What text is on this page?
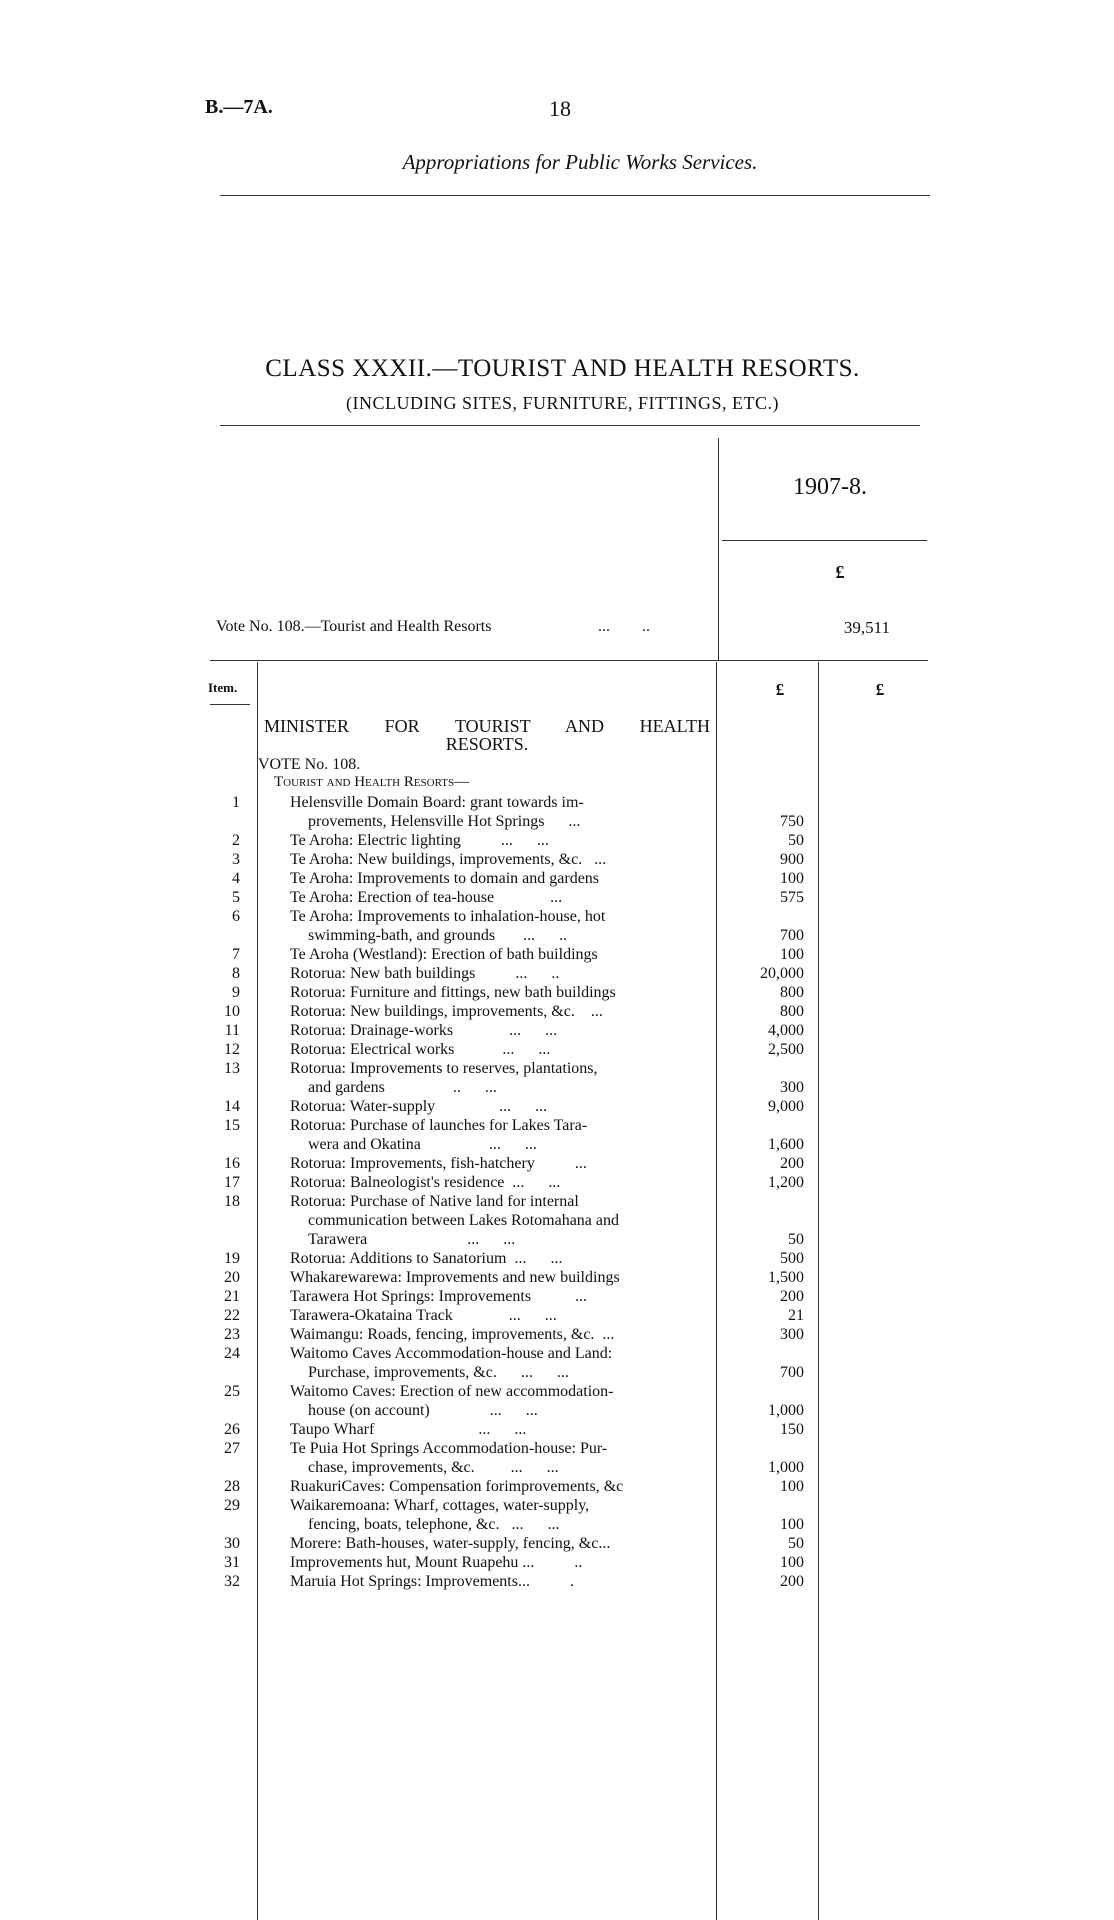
B.—7A.	18
Appropriations for Public Works Services.
CLASS XXXII.—TOURIST AND HEALTH RESORTS.
(INCLUDING SITES, FURNITURE, FITTINGS, ETC.)
1907-8.
£
Vote No. 108.—Tourist and Health Resorts	...        ..	39,511
Item.	£	£
MINISTER FOR TOURIST AND HEALTH
RESORTS.
VOTE No. 108.
Tourist and Health Resorts—
1	Helensville Domain Board: grant towards im-
provements, Helensville Hot Springs      ...	750
2	Te Aroha: Electric lighting          ...      ...	50
3	Te Aroha: New buildings, improvements, &c.   ...	900
4	Te Aroha: Improvements to domain and gardens	100
5	Te Aroha: Erection of tea-house              ...	575
6	Te Aroha: Improvements to inhalation-house, hot
swimming-bath, and grounds       ...      ..	700
7	Te Aroha (Westland): Erection of bath buildings	100
8	Rotorua: New bath buildings          ...      ..	20,000
9	Rotorua: Furniture and fittings, new bath buildings	800
10	Rotorua: New buildings, improvements, &c.    ...	800
11	Rotorua: Drainage-works              ...      ...	4,000
12	Rotorua: Electrical works            ...      ...	2,500
13	Rotorua: Improvements to reserves, plantations,
and gardens                 ..      ...	300
14	Rotorua: Water-supply                ...      ...	9,000
15	Rotorua: Purchase of launches for Lakes Tara-
wera and Okatina                 ...      ...	1,600
16	Rotorua: Improvements, fish-hatchery          ...	200
17	Rotorua: Balneologist's residence  ...      ...	1,200
18	Rotorua: Purchase of Native land for internal
communication between Lakes Rotomahana and
Tarawera                         ...      ...	50
19	Rotorua: Additions to Sanatorium  ...      ...	500
20	Whakarewarewa: Improvements and new buildings	1,500
21	Tarawera Hot Springs: Improvements           ...	200
22	Tarawera-Okataina Track              ...      ...	21
23	Waimangu: Roads, fencing, improvements, &c.  ...	300
24	Waitomo Caves Accommodation-house and Land:
Purchase, improvements, &c.      ...      ...	700
25	Waitomo Caves: Erection of new accommodation-
house (on account)               ...      ...	1,000
26	Taupo Wharf                          ...      ...	150
27	Te Puia Hot Springs Accommodation-house: Pur-
chase, improvements, &c.         ...      ...	1,000
28	RuakuriCaves: Compensation forimprovements, &c	100
29	Waikaremoana: Wharf, cottages, water-supply,
fencing, boats, telephone, &c.   ...      ...	100
30	Morere: Bath-houses, water-supply, fencing, &c...	50
31	Improvements hut, Mount Ruapehu ...          ..	100
32	Maruia Hot Springs: Improvements...          .	200
